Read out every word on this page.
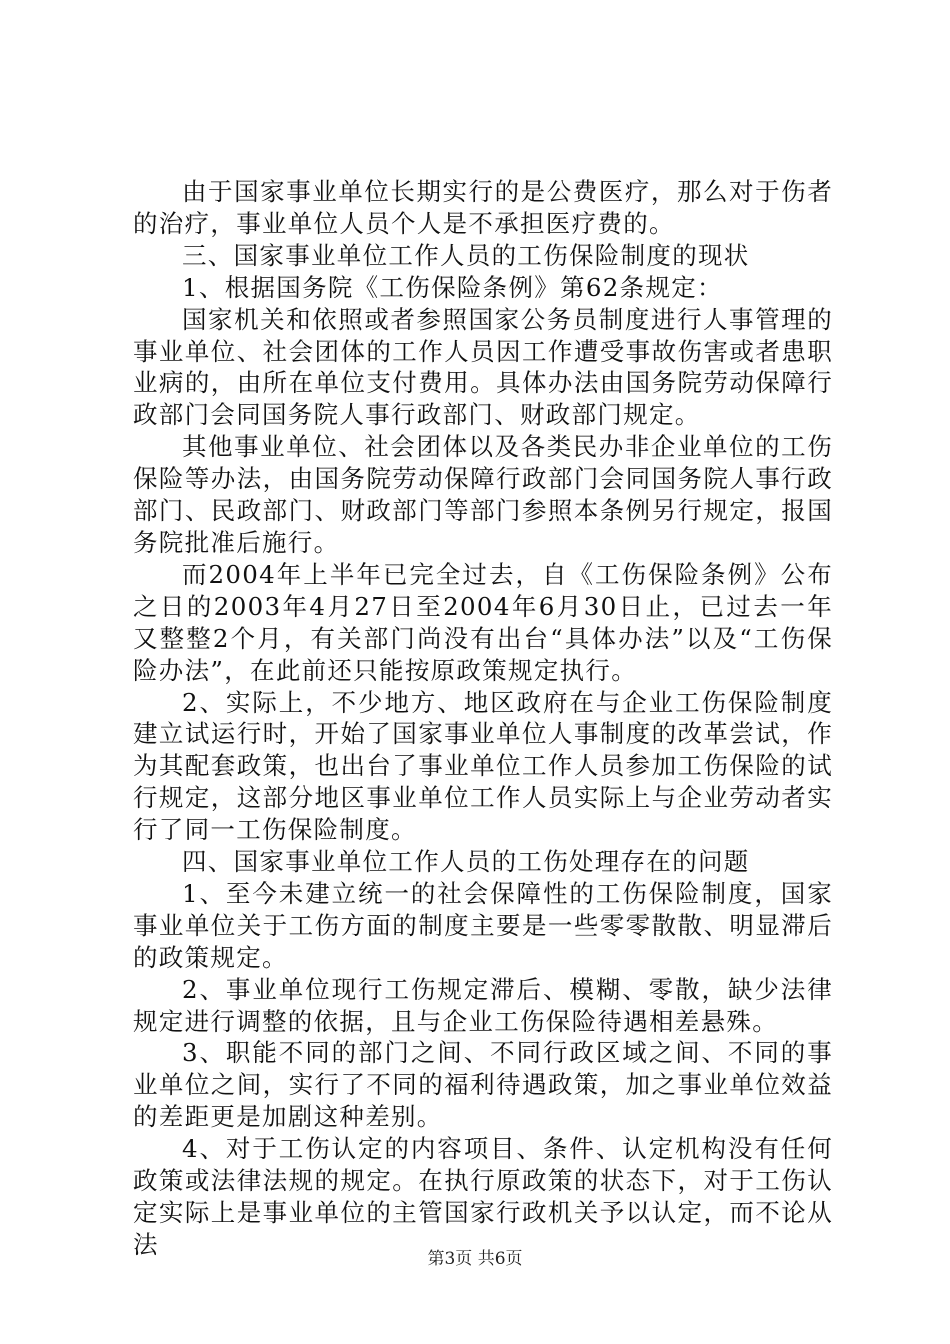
由于国家事业单位长期实行的是公费医疗，那么对于伤者的治疗，事业单位人员个人是不承担医疗费的。

三、国家事业单位工作人员的工伤保险制度的现状

1、根据国务院《工伤保险条例》第62条规定：

国家机关和依照或者参照国家公务员制度进行人事管理的事业单位、社会团体的工作人员因工作遭受事故伤害或者患职业病的，由所在单位支付费用。具体办法由国务院劳动保障行政部门会同国务院人事行政部门、财政部门规定。

其他事业单位、社会团体以及各类民办非企业单位的工伤保险等办法，由国务院劳动保障行政部门会同国务院人事行政部门、民政部门、财政部门等部门参照本条例另行规定，报国务院批准后施行。

而2004年上半年已完全过去，自《工伤保险条例》公布之日的2003年4月27日至2004年6月30日止，已过去一年又整整2个月，有关部门尚没有出台“具体办法”以及“工伤保险办法”，在此前还只能按原政策规定执行。

2、实际上，不少地方、地区政府在与企业工伤保险制度建立试运行时，开始了国家事业单位人事制度的改革尝试，作为其配套政策，也出台了事业单位工作人员参加工伤保险的试行规定，这部分地区事业单位工作人员实际上与企业劳动者实行了同一工伤保险制度。

四、国家事业单位工作人员的工伤处理存在的问题

1、至今未建立统一的社会保障性的工伤保险制度，国家事业单位关于工伤方面的制度主要是一些零零散散、明显滞后的政策规定。

2、事业单位现行工伤规定滞后、模糊、零散，缺少法律规定进行调整的依据，且与企业工伤保险待遇相差悬殊。

3、职能不同的部门之间、不同行政区域之间、不同的事业单位之间，实行了不同的福利待遇政策，加之事业单位效益的差距更是加剧这种差别。

4、对于工伤认定的内容项目、条件、认定机构没有任何政策或法律法规的规定。在执行原政策的状态下，对于工伤认定实际上是事业单位的主管国家行政机关予以认定，而不论从法

第3页 共6页
